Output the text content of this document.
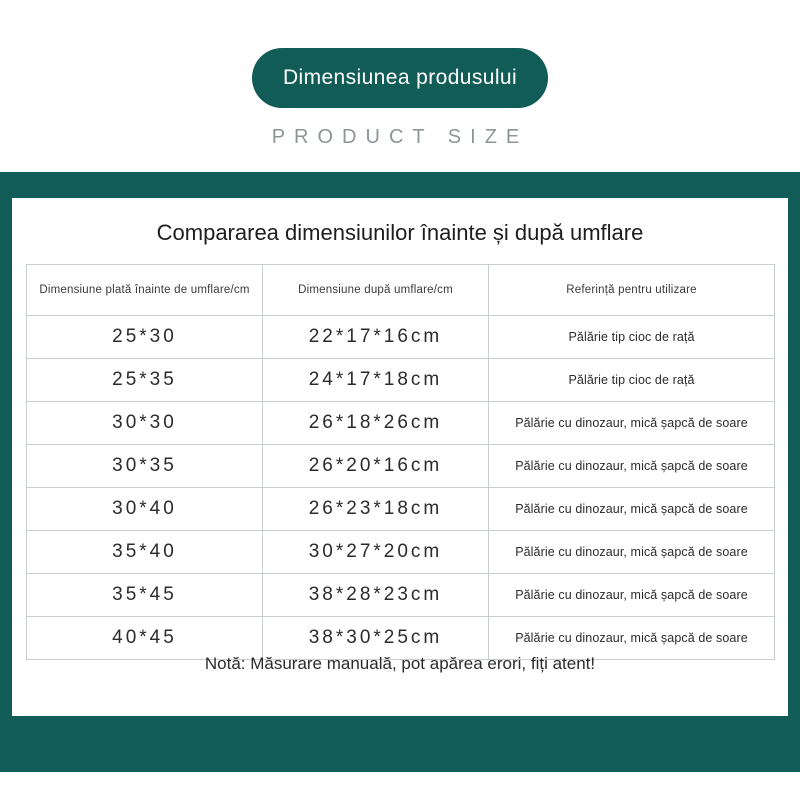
Dimensiunea produsului
PRODUCT SIZE
Compararea dimensiunilor înainte și după umflare
Dimensiune plată înainte de umflare/cm	Dimensiune după umflare/cm	Referință pentru utilizare
25*30	22*17*16cm	Pălărie tip cioc de rață
25*35	24*17*18cm	Pălărie tip cioc de rață
30*30	26*18*26cm	Pălărie cu dinozaur, mică șapcă de soare
30*35	26*20*16cm	Pălărie cu dinozaur, mică șapcă de soare
30*40	26*23*18cm	Pălărie cu dinozaur, mică șapcă de soare
35*40	30*27*20cm	Pălărie cu dinozaur, mică șapcă de soare
35*45	38*28*23cm	Pălărie cu dinozaur, mică șapcă de soare
40*45	38*30*25cm	Pălărie cu dinozaur, mică șapcă de soare
Notă: Măsurare manuală, pot apărea erori, fiți atent!
